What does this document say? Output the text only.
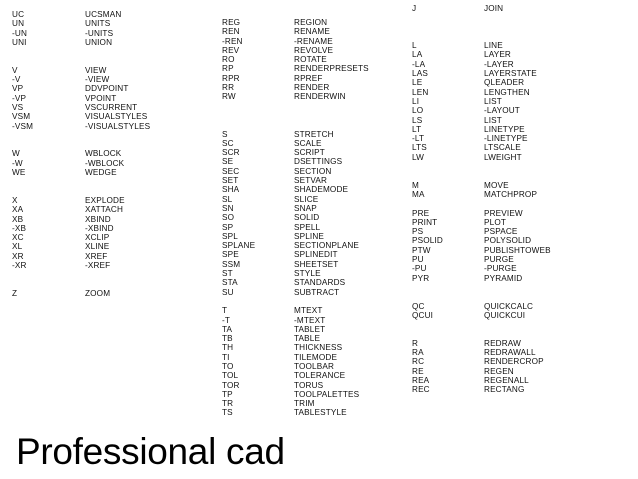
UC	UCSMAN
UN	UNITS
-UN	-UNITS
UNI	UNION
V	VIEW
-V	-VIEW
VP	DDVPOINT
-VP	VPOINT
VS	VSCURRENT
VSM	VISUALSTYLES
-VSM	-VISUALSTYLES
W	WBLOCK
-W	-WBLOCK
WE	WEDGE
X	EXPLODE
XA	XATTACH
XB	XBIND
-XB	-XBIND
XC	XCLIP
XL	XLINE
XR	XREF
-XR	-XREF
Z	ZOOM
REG	REGION
REN	RENAME
-REN	-RENAME
REV	REVOLVE
RO	ROTATE
RP	RENDERPRESETS
RPR	RPREF
RR	RENDER
RW	RENDERWIN
S	STRETCH
SC	SCALE
SCR	SCRIPT
SE	DSETTINGS
SEC	SECTION
SET	SETVAR
SHA	SHADEMODE
SL	SLICE
SN	SNAP
SO	SOLID
SP	SPELL
SPL	SPLINE
SPLANE	SECTIONPLANE
SPE	SPLINEDIT
SSM	SHEETSET
ST	STYLE
STA	STANDARDS
SU	SUBTRACT
T	MTEXT
-T	-MTEXT
TA	TABLET
TB	TABLE
TH	THICKNESS
TI	TILEMODE
TO	TOOLBAR
TOL	TOLERANCE
TOR	TORUS
TP	TOOLPALETTES
TR	TRIM
TS	TABLESTYLE
J	JOIN
L	LINE
LA	LAYER
-LA	-LAYER
LAS	LAYERSTATE
LE	QLEADER
LEN	LENGTHEN
LI	LIST
LO	-LAYOUT
LS	LIST
LT	LINETYPE
-LT	-LINETYPE
LTS	LTSCALE
LW	LWEIGHT
M	MOVE
MA	MATCHPROP
PRE	PREVIEW
PRINT	PLOT
PS	PSPACE
PSOLID	POLYSOLID
PTW	PUBLISHTOWEB
PU	PURGE
-PU	-PURGE
PYR	PYRAMID
QC	QUICKCALC
QCUI	QUICKCUI
R	REDRAW
RA	REDRAWALL
RC	RENDERCROP
RE	REGEN
REA	REGENALL
REC	RECTANG
Professional cad
